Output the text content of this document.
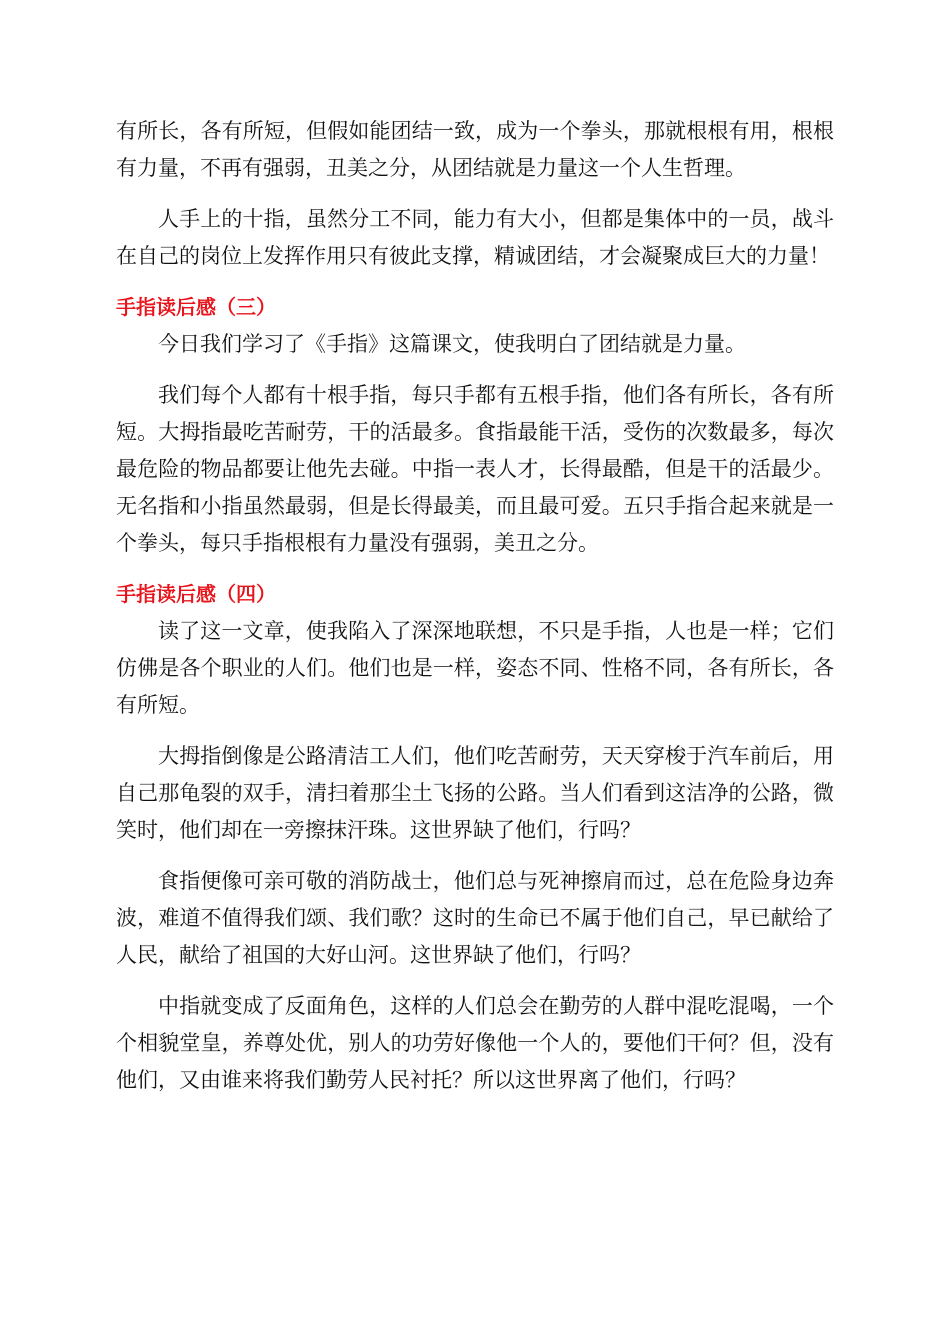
有所长，各有所短，但假如能团结一致，成为一个拳头，那就根根有用，根根有力量，不再有强弱，丑美之分，从团结就是力量这一个人生哲理。

人手上的十指，虽然分工不同，能力有大小，但都是集体中的一员，战斗在自己的岗位上发挥作用只有彼此支撑，精诚团结，才会凝聚成巨大的力量！

手指读后感（三）

今日我们学习了《手指》这篇课文，使我明白了团结就是力量。

我们每个人都有十根手指，每只手都有五根手指，他们各有所长，各有所短。大拇指最吃苦耐劳，干的活最多。食指最能干活，受伤的次数最多，每次最危险的物品都要让他先去碰。中指一表人才，长得最酷，但是干的活最少。无名指和小指虽然最弱，但是长得最美，而且最可爱。五只手指合起来就是一个拳头，每只手指根根有力量没有强弱，美丑之分。

手指读后感（四）

读了这一文章，使我陷入了深深地联想，不只是手指，人也是一样；它们仿佛是各个职业的人们。他们也是一样，姿态不同、性格不同，各有所长，各有所短。

大拇指倒像是公路清洁工人们，他们吃苦耐劳，天天穿梭于汽车前后，用自己那龟裂的双手，清扫着那尘土飞扬的公路。当人们看到这洁净的公路，微笑时，他们却在一旁擦抹汗珠。这世界缺了他们，行吗？

食指便像可亲可敬的消防战士，他们总与死神擦肩而过，总在危险身边奔波，难道不值得我们颂、我们歌？这时的生命已不属于他们自己，早已献给了人民，献给了祖国的大好山河。这世界缺了他们，行吗？

中指就变成了反面角色，这样的人们总会在勤劳的人群中混吃混喝，一个个相貌堂皇，养尊处优，别人的功劳好像他一个人的，要他们干何？但，没有他们，又由谁来将我们勤劳人民衬托？所以这世界离了他们，行吗？
